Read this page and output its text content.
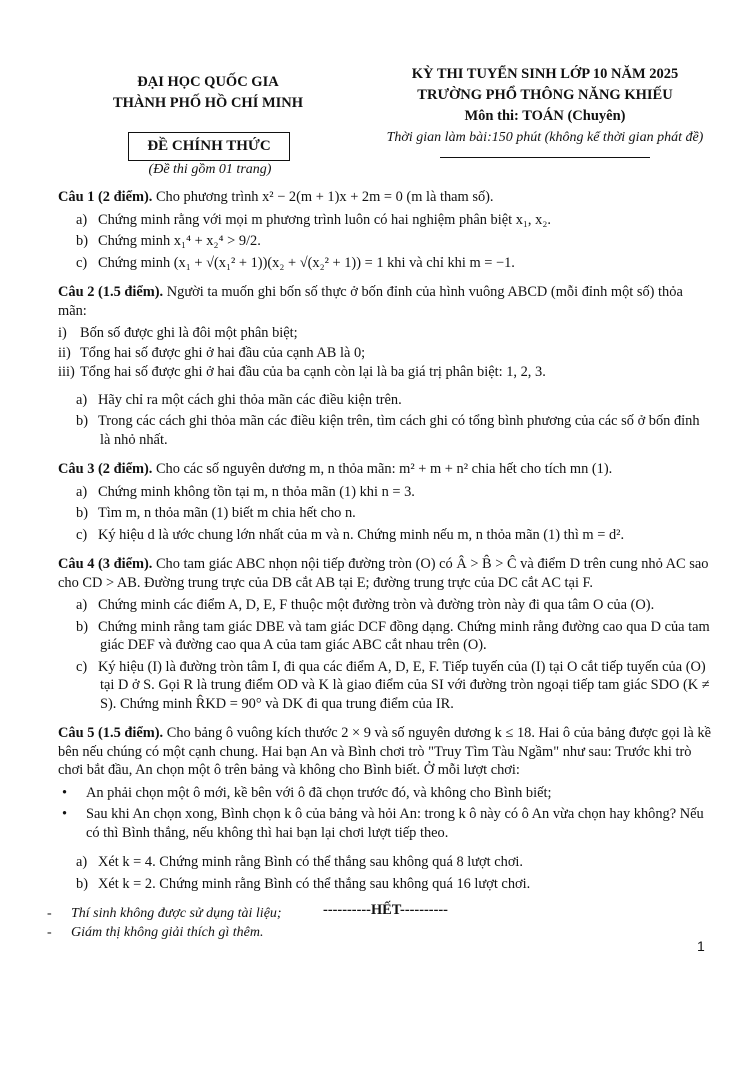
ĐẠI HỌC QUỐC GIA
THÀNH PHỐ HỒ CHÍ MINH
KỲ THI TUYỂN SINH LỚP 10 NĂM 2025
TRƯỜNG PHỔ THÔNG NĂNG KHIẾU
Môn thi: TOÁN (Chuyên)
Thời gian làm bài:150 phút (không kể thời gian phát đề)
ĐỀ CHÍNH THỨC
(Đề thi gồm 01 trang)
Câu 1 (2 điểm). Cho phương trình x² − 2(m + 1)x + 2m = 0 (m là tham số).
a) Chứng minh rằng với mọi m phương trình luôn có hai nghiệm phân biệt x₁, x₂.
b) Chứng minh x₁⁴ + x₂⁴ > 9/2.
c) Chứng minh (x₁ + √(x₁² + 1))(x₂ + √(x₂² + 1)) = 1 khi và chỉ khi m = −1.
Câu 2 (1.5 điểm). Người ta muốn ghi bốn số thực ở bốn đỉnh của hình vuông ABCD (mỗi đỉnh một số) thỏa mãn:
i) Bốn số được ghi là đôi một phân biệt;
ii) Tổng hai số được ghi ở hai đầu của cạnh AB là 0;
iii) Tổng hai số được ghi ở hai đầu của ba cạnh còn lại là ba giá trị phân biệt: 1, 2, 3.
a) Hãy chỉ ra một cách ghi thỏa mãn các điều kiện trên.
b) Trong các cách ghi thỏa mãn các điều kiện trên, tìm cách ghi có tổng bình phương của các số ở bốn đỉnh là nhỏ nhất.
Câu 3 (2 điểm). Cho các số nguyên dương m, n thỏa mãn: m² + m + n² chia hết cho tích mn (1).
a) Chứng minh không tồn tại m, n thỏa mãn (1) khi n = 3.
b) Tìm m, n thỏa mãn (1) biết m chia hết cho n.
c) Ký hiệu d là ước chung lớn nhất của m và n. Chứng minh nếu m, n thỏa mãn (1) thì m = d².
Câu 4 (3 điểm). Cho tam giác ABC nhọn nội tiếp đường tròn (O) có Â > B̂ > Ĉ và điểm D trên cung nhỏ AC sao cho CD > AB. Đường trung trực của DB cắt AB tại E; đường trung trực của DC cắt AC tại F.
a) Chứng minh các điểm A, D, E, F thuộc một đường tròn và đường tròn này đi qua tâm O của (O).
b) Chứng minh rằng tam giác DBE và tam giác DCF đồng dạng. Chứng minh rằng đường cao qua D của tam giác DEF và đường cao qua A của tam giác ABC cắt nhau trên (O).
c) Ký hiệu (I) là đường tròn tâm I, đi qua các điểm A, D, E, F. Tiếp tuyến của (I) tại O cắt tiếp tuyến của (O) tại D ở S. Gọi R là trung điểm OD và K là giao điểm của SI với đường tròn ngoại tiếp tam giác SDO (K ≠ S). Chứng minh R̂KD = 90° và DK đi qua trung điểm của IR.
Câu 5 (1.5 điểm). Cho bảng ô vuông kích thước 2 × 9 và số nguyên dương k ≤ 18. Hai ô của bảng được gọi là kề bên nếu chúng có một cạnh chung. Hai bạn An và Bình chơi trò "Truy Tìm Tàu Ngầm" như sau: Trước khi trò chơi bắt đầu, An chọn một ô trên bảng và không cho Bình biết. Ở mỗi lượt chơi:
• An phải chọn một ô mới, kề bên với ô đã chọn trước đó, và không cho Bình biết;
• Sau khi An chọn xong, Bình chọn k ô của bảng và hỏi An: trong k ô này có ô An vừa chọn hay không? Nếu có thì Bình thắng, nếu không thì hai bạn lại chơi lượt tiếp theo.
a) Xét k = 4. Chứng minh rằng Bình có thể thắng sau không quá 8 lượt chơi.
b) Xét k = 2. Chứng minh rằng Bình có thể thắng sau không quá 16 lượt chơi.
----------HẾT----------
- Thí sinh không được sử dụng tài liệu;
- Giám thị không giải thích gì thêm.
1
